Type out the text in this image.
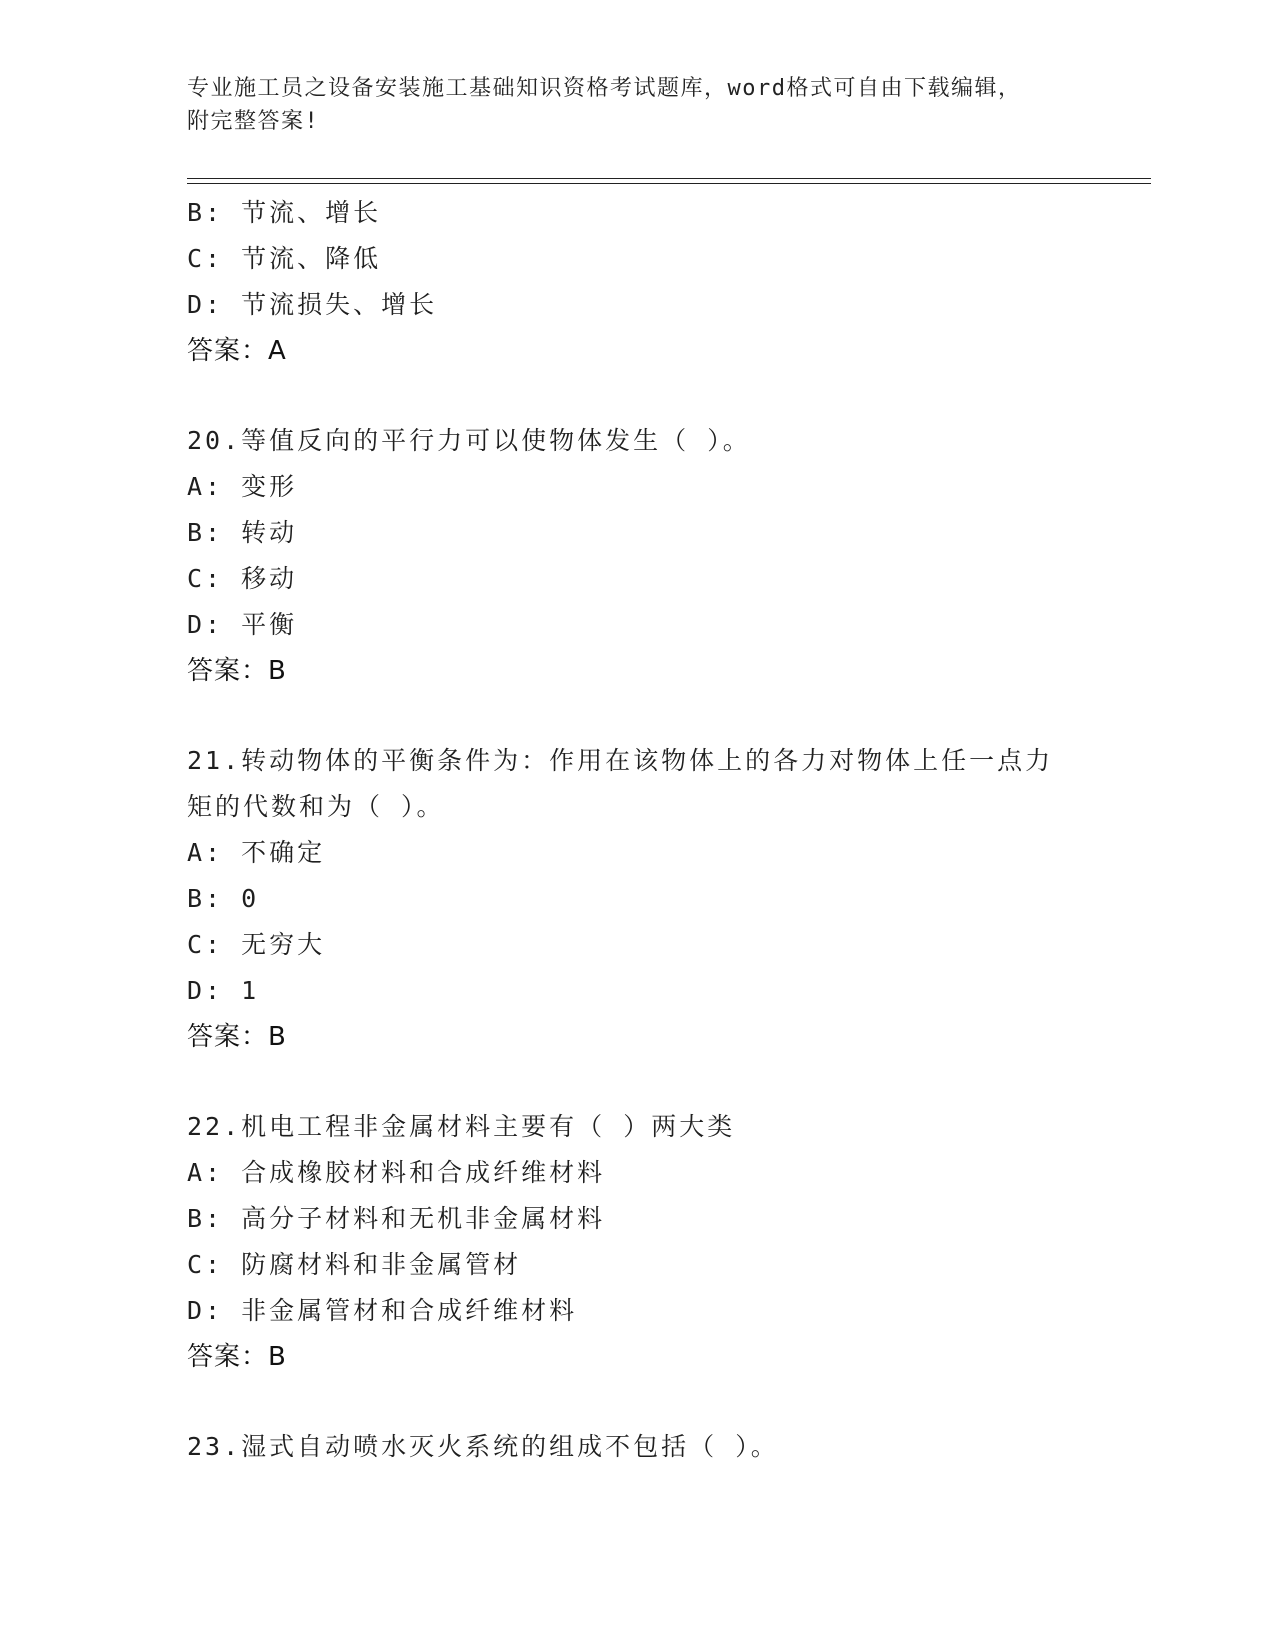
专业施工员之设备安装施工基础知识资格考试题库，word格式可自由下载编辑，
附完整答案!
B: 节流、增长
C: 节流、降低
D: 节流损失、增长
答案：A
20.等值反向的平行力可以使物体发生（ ）。
A: 变形
B: 转动
C: 移动
D: 平衡
答案：B
21.转动物体的平衡条件为：作用在该物体上的各力对物体上任一点力
矩的代数和为（ ）。
A: 不确定
B: 0
C: 无穷大
D: 1
答案：B
22.机电工程非金属材料主要有（ ）两大类
A: 合成橡胶材料和合成纤维材料
B: 高分子材料和无机非金属材料
C: 防腐材料和非金属管材
D: 非金属管材和合成纤维材料
答案：B
23.湿式自动喷水灭火系统的组成不包括（ ）。
